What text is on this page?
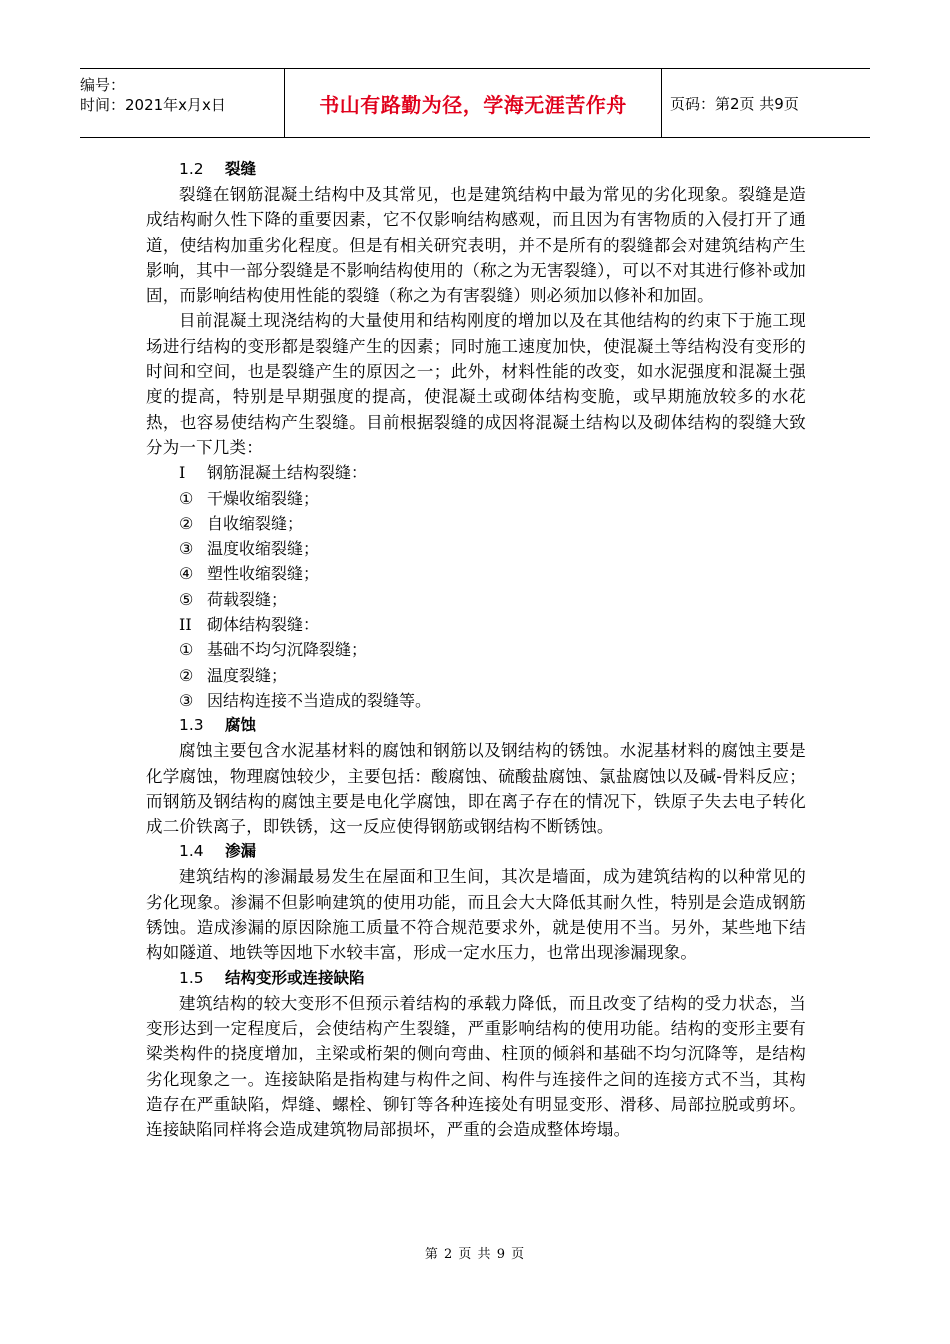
编号：
时间：2021年x月x日	书山有路勤为径，学海无涯苦作舟	页码：第2页 共9页
1.2 裂缝

裂缝在钢筋混凝土结构中及其常见，也是建筑结构中最为常见的劣化现象。裂缝是造成结构耐久性下降的重要因素，它不仅影响结构感观，而且因为有害物质的入侵打开了通道，使结构加重劣化程度。但是有相关研究表明，并不是所有的裂缝都会对建筑结构产生影响，其中一部分裂缝是不影响结构使用的（称之为无害裂缝），可以不对其进行修补或加固，而影响结构使用性能的裂缝（称之为有害裂缝）则必须加以修补和加固。

目前混凝土现浇结构的大量使用和结构刚度的增加以及在其他结构的约束下于施工现场进行结构的变形都是裂缝产生的因素；同时施工速度加快，使混凝土等结构没有变形的时间和空间，也是裂缝产生的原因之一；此外，材料性能的改变，如水泥强度和混凝土强度的提高，特别是早期强度的提高，使混凝土或砌体结构变脆，或早期施放较多的水花热，也容易使结构产生裂缝。目前根据裂缝的成因将混凝土结构以及砌体结构的裂缝大致分为一下几类：

I 钢筋混凝土结构裂缝：
① 干燥收缩裂缝；
② 自收缩裂缝；
③ 温度收缩裂缝；
④ 塑性收缩裂缝；
⑤ 荷载裂缝；
II 砌体结构裂缝：
① 基础不均匀沉降裂缝；
② 温度裂缝；
③ 因结构连接不当造成的裂缝等。
1.3 腐蚀

腐蚀主要包含水泥基材料的腐蚀和钢筋以及钢结构的锈蚀。水泥基材料的腐蚀主要是化学腐蚀，物理腐蚀较少，主要包括：酸腐蚀、硫酸盐腐蚀、氯盐腐蚀以及碱-骨料反应；而钢筋及钢结构的腐蚀主要是电化学腐蚀，即在离子存在的情况下，铁原子失去电子转化成二价铁离子，即铁锈，这一反应使得钢筋或钢结构不断锈蚀。

1.4 渗漏

建筑结构的渗漏最易发生在屋面和卫生间，其次是墙面，成为建筑结构的以种常见的劣化现象。渗漏不但影响建筑的使用功能，而且会大大降低其耐久性，特别是会造成钢筋锈蚀。造成渗漏的原因除施工质量不符合规范要求外，就是使用不当。另外，某些地下结构如隧道、地铁等因地下水较丰富，形成一定水压力，也常出现渗漏现象。

1.5 结构变形或连接缺陷

建筑结构的较大变形不但预示着结构的承载力降低，而且改变了结构的受力状态，当变形达到一定程度后，会使结构产生裂缝，严重影响结构的使用功能。结构的变形主要有梁类构件的挠度增加，主梁或桁架的侧向弯曲、柱顶的倾斜和基础不均匀沉降等，是结构劣化现象之一。连接缺陷是指构建与构件之间、构件与连接件之间的连接方式不当，其构造存在严重缺陷，焊缝、螺栓、铆钉等各种连接处有明显变形、滑移、局部拉脱或剪坏。连接缺陷同样将会造成建筑物局部损坏，严重的会造成整体垮塌。

第 2 页 共 9 页
